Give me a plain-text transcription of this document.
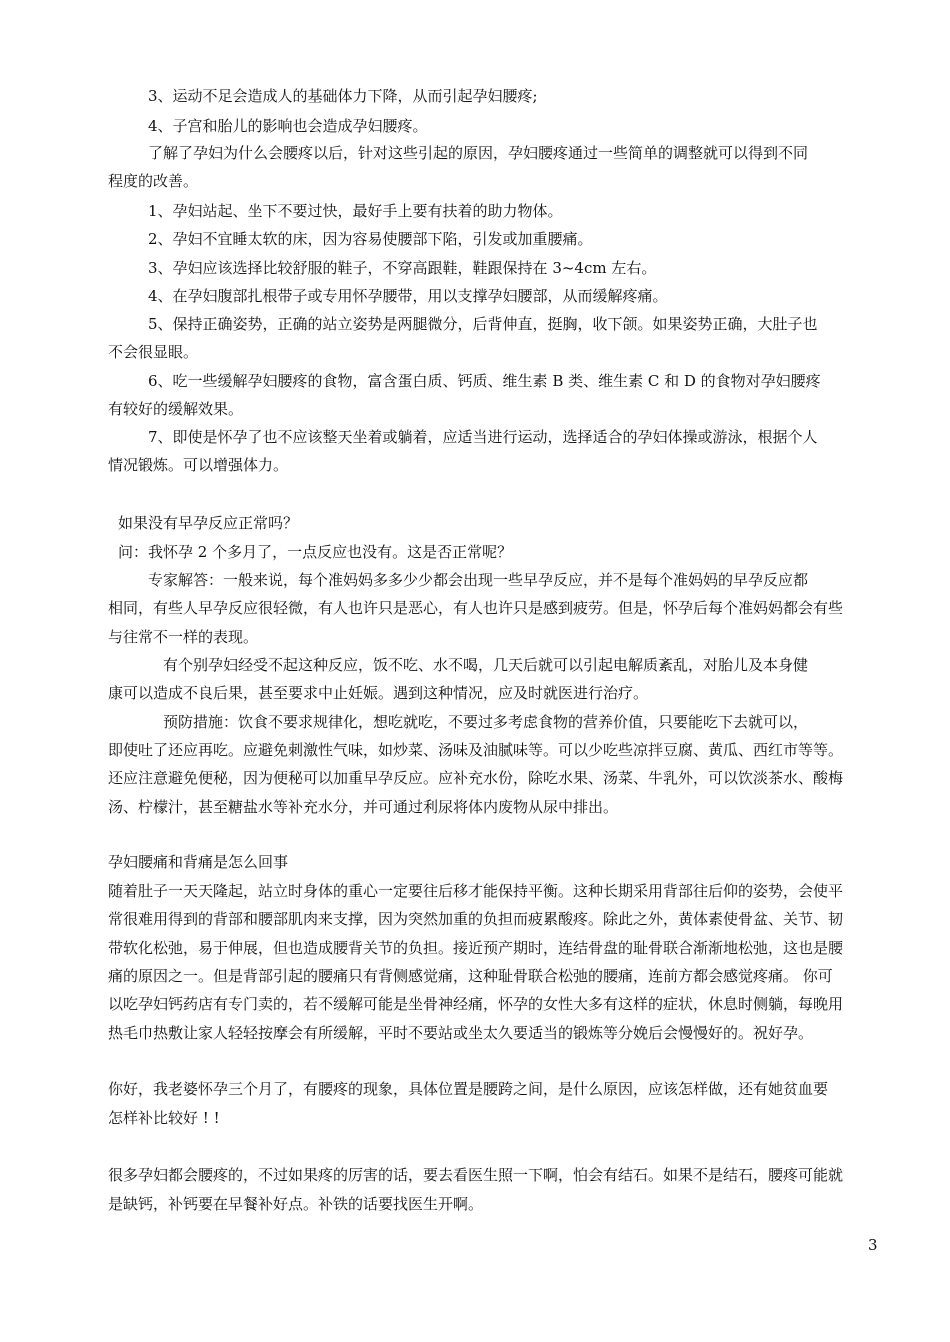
3、运动不足会造成人的基础体力下降，从而引起孕妇腰疼;

4、子宫和胎儿的影响也会造成孕妇腰疼。

了解了孕妇为什么会腰疼以后，针对这些引起的原因，孕妇腰疼通过一些简单的调整就可以得到不同

程度的改善。

1、孕妇站起、坐下不要过快，最好手上要有扶着的助力物体。

2、孕妇不宜睡太软的床，因为容易使腰部下陷，引发或加重腰痛。

3、孕妇应该选择比较舒服的鞋子，不穿高跟鞋，鞋跟保持在 3~4cm 左右。

4、在孕妇腹部扎根带子或专用怀孕腰带，用以支撑孕妇腰部，从而缓解疼痛。

5、保持正确姿势，正确的站立姿势是两腿微分，后背伸直，挺胸，收下颌。如果姿势正确，大肚子也

不会很显眼。

6、吃一些缓解孕妇腰疼的食物，富含蛋白质、钙质、维生素 B 类、维生素 C 和 D 的食物对孕妇腰疼

有较好的缓解效果。

7、即使是怀孕了也不应该整天坐着或躺着，应适当进行运动，选择适合的孕妇体操或游泳，根据个人

情况锻炼。可以增强体力。

如果没有早孕反应正常吗？

问：我怀孕 2 个多月了，一点反应也没有。这是否正常呢？

专家解答：一般来说，每个准妈妈多多少少都会出现一些早孕反应，并不是每个准妈妈的早孕反应都

相同，有些人早孕反应很轻微，有人也许只是恶心，有人也许只是感到疲劳。但是，怀孕后每个准妈妈都会有些

与往常不一样的表现。

有个别孕妇经受不起这种反应，饭不吃、水不喝，几天后就可以引起电解质紊乱，对胎儿及本身健

康可以造成不良后果，甚至要求中止妊娠。遇到这种情况，应及时就医进行治疗。

预防措施：饮食不要求规律化，想吃就吃，不要过多考虑食物的营养价值，只要能吃下去就可以，

即使吐了还应再吃。应避免刺激性气味，如炒菜、汤味及油腻味等。可以少吃些凉拌豆腐、黄瓜、西红市等等。

还应注意避免便秘，因为便秘可以加重早孕反应。应补充水份，除吃水果、汤菜、牛乳外，可以饮淡茶水、酸梅

汤、柠檬汁，甚至糖盐水等补充水分，并可通过利尿将体内废物从尿中排出。

孕妇腰痛和背痛是怎么回事

随着肚子一天天隆起，站立时身体的重心一定要往后移才能保持平衡。这种长期采用背部往后仰的姿势，会使平

常很难用得到的背部和腰部肌肉来支撑，因为突然加重的负担而疲累酸疼。除此之外，黄体素使骨盆、关节、韧

带软化松弛，易于伸展，但也造成腰背关节的负担。接近预产期时，连结骨盘的耻骨联合渐渐地松弛，这也是腰

痛的原因之一。但是背部引起的腰痛只有背侧感觉痛，这种耻骨联合松弛的腰痛，连前方都会感觉疼痛。 你可

以吃孕妇钙药店有专门卖的，若不缓解可能是坐骨神经痛，怀孕的女性大多有这样的症状，休息时侧躺，每晚用

热毛巾热敷让家人轻轻按摩会有所缓解，平时不要站或坐太久要适当的锻炼等分娩后会慢慢好的。祝好孕。

你好，我老婆怀孕三个月了，有腰疼的现象，具体位置是腰跨之间，是什么原因，应该怎样做，还有她贫血要

怎样补比较好 ! !

很多孕妇都会腰疼的，不过如果疼的厉害的话，要去看医生照一下啊，怕会有结石。如果不是结石，腰疼可能就

是缺钙，补钙要在早餐补好点。补铁的话要找医生开啊。

3
